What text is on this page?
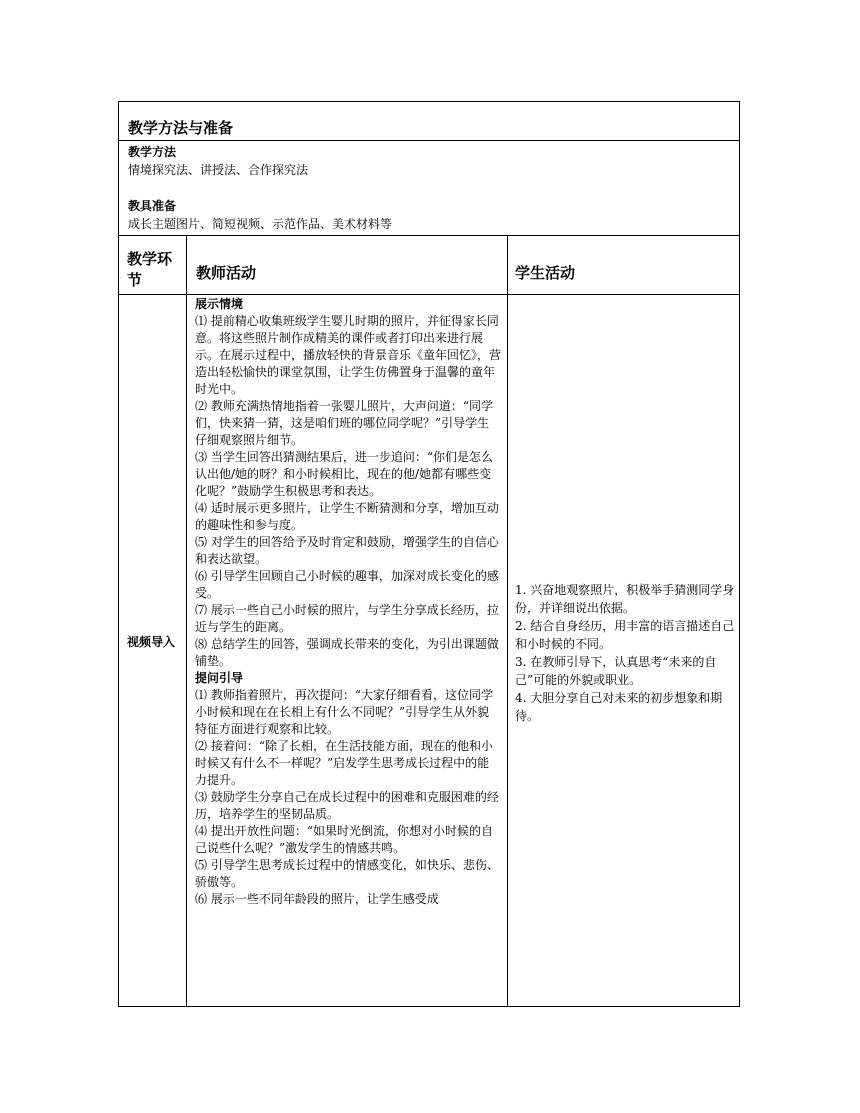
教学方法与准备
教学方法
情境探究法、讲授法、合作探究法
教具准备
成长主题图片、简短视频、示范作品、美术材料等
教学环节	教师活动	学生活动
视频导入

展示情境

⑴ 提前精心收集班级学生婴儿时期的照片，并征得家长同意。将这些照片制作成精美的课件或者打印出来进行展示。在展示过程中，播放轻快的背景音乐《童年回忆》，营造出轻松愉快的课堂氛围，让学生仿佛置身于温馨的童年时光中。

⑵ 教师充满热情地指着一张婴儿照片，大声问道：“同学们，快来猜一猜，这是咱们班的哪位同学呢？”引导学生仔细观察照片细节。

⑶ 当学生回答出猜测结果后，进一步追问：“你们是怎么认出他/她的呀？和小时候相比，现在的他/她都有哪些变化呢？”鼓励学生积极思考和表达。

⑷ 适时展示更多照片，让学生不断猜测和分享，增加互动的趣味性和参与度。

⑸ 对学生的回答给予及时肯定和鼓励，增强学生的自信心和表达欲望。

⑹ 引导学生回顾自己小时候的趣事，加深对成长变化的感受。

⑺ 展示一些自己小时候的照片，与学生分享成长经历，拉近与学生的距离。

⑻ 总结学生的回答，强调成长带来的变化，为引出课题做铺垫。

提问引导

⑴ 教师指着照片，再次提问：“大家仔细看看，这位同学小时候和现在在长相上有什么不同呢？”引导学生从外貌特征方面进行观察和比较。

⑵ 接着问：“除了长相，在生活技能方面，现在的他和小时候又有什么不一样呢？”启发学生思考成长过程中的能力提升。

⑶ 鼓励学生分享自己在成长过程中的困难和克服困难的经历，培养学生的坚韧品质。

⑷ 提出开放性问题：“如果时光倒流，你想对小时候的自己说些什么呢？”激发学生的情感共鸣。

⑸ 引导学生思考成长过程中的情感变化，如快乐、悲伤、骄傲等。

⑹ 展示一些不同年龄段的照片，让学生感受成

1. 兴奋地观察照片，积极举手猜测同学身份，并详细说出依据。

2. 结合自身经历，用丰富的语言描述自己和小时候的不同。

3. 在教师引导下，认真思考“未来的自己”可能的外貌或职业。

4. 大胆分享自己对未来的初步想象和期待。
